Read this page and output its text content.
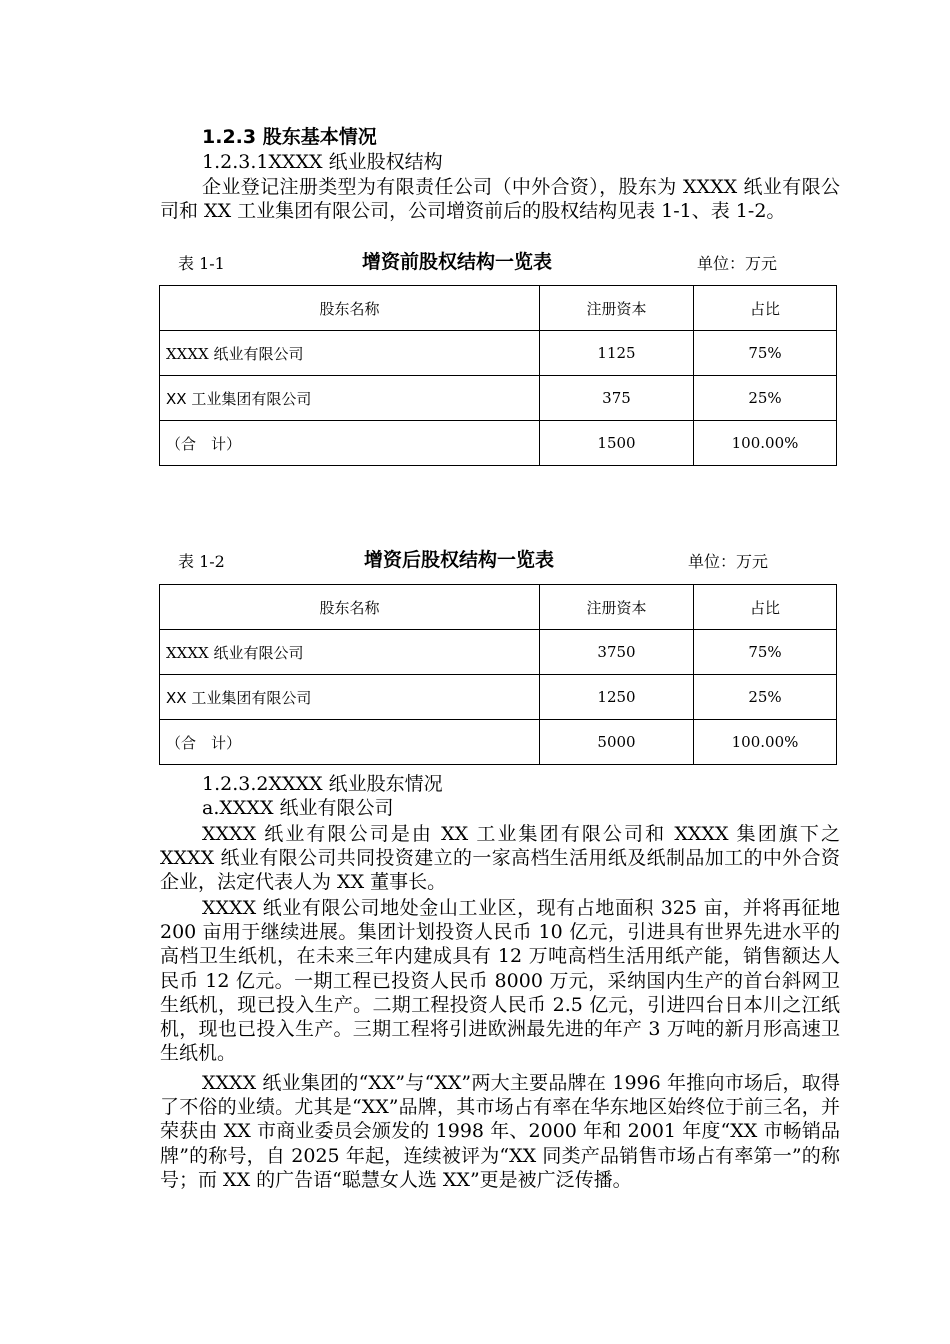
1.2.3 股东基本情况
1.2.3.1XXXX 纸业股权结构
企业登记注册类型为有限责任公司（中外合资），股东为 XXXX 纸业有限公司和 XX 工业集团有限公司，公司增资前后的股权结构见表 1-1、表 1-2。
表 1-1	增资前股权结构一览表	单位：万元
股东名称	注册资本	占比
XXXX 纸业有限公司	1125	75%
XX 工业集团有限公司	375	25%
（合　计）	1500	100.00%
表 1-2	增资后股权结构一览表	单位：万元
股东名称	注册资本	占比
XXXX 纸业有限公司	3750	75%
XX 工业集团有限公司	1250	25%
（合　计）	5000	100.00%
1.2.3.2XXXX 纸业股东情况
a.XXXX 纸业有限公司
XXXX 纸业有限公司是由 XX 工业集团有限公司和 XXXX 集团旗下之 XXXX 纸业有限公司共同投资建立的一家高档生活用纸及纸制品加工的中外合资企业，法定代表人为 XX 董事长。
XXXX 纸业有限公司地处金山工业区，现有占地面积 325 亩，并将再征地 200 亩用于继续进展。集团计划投资人民币 10 亿元，引进具有世界先进水平的高档卫生纸机，在未来三年内建成具有 12 万吨高档生活用纸产能，销售额达人民币 12 亿元。一期工程已投资人民币 8000 万元，采纳国内生产的首台斜网卫生纸机，现已投入生产。二期工程投资人民币 2.5 亿元，引进四台日本川之江纸机，现也已投入生产。三期工程将引进欧洲最先进的年产 3 万吨的新月形高速卫生纸机。
XXXX 纸业集团的“XX”与“XX”两大主要品牌在 1996 年推向市场后，取得了不俗的业绩。尤其是“XX”品牌，其市场占有率在华东地区始终位于前三名，并荣获由 XX 市商业委员会颁发的 1998 年、2000 年和 2001 年度“XX 市畅销品牌”的称号，自 2025 年起，连续被评为“XX 同类产品销售市场占有率第一”的称号；而 XX 的广告语“聪慧女人选 XX”更是被广泛传播。
